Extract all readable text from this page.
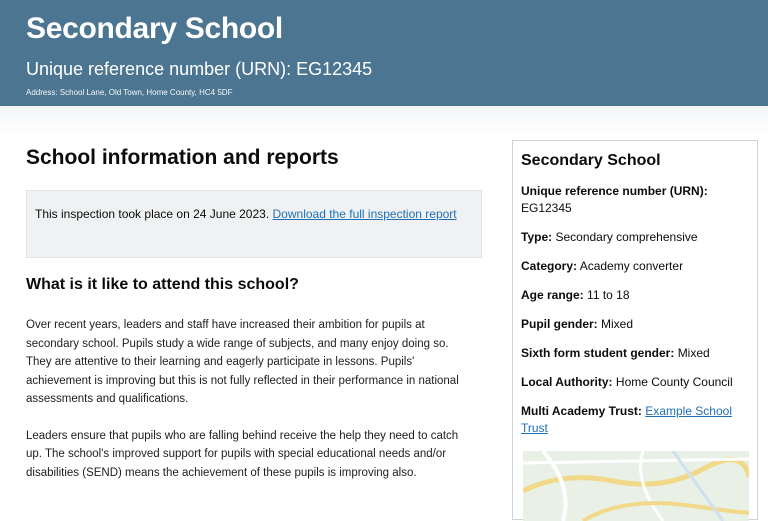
Secondary School
Unique reference number (URN): EG12345
Address: School Lane, Old Town, Home County, HC4 5DF
School information and reports
This inspection took place on 24 June 2023. Download the full inspection report
What is it like to attend this school?

Over recent years, leaders and staff have increased their ambition for pupils at secondary school. Pupils study a wide range of subjects, and many enjoy doing so. They are attentive to their learning and eagerly participate in lessons. Pupils' achievement is improving but this is not fully reflected in their performance in national assessments and qualifications.

Leaders ensure that pupils who are falling behind receive the help they need to catch up. The school's improved support for pupils with special educational needs and/or disabilities (SEND) means the achievement of these pupils is improving also.

Secondary School
Unique reference number (URN):
EG12345
Type: Secondary comprehensive
Category: Academy converter
Age range: 11 to 18
Pupil gender: Mixed
Sixth form student gender: Mixed
Local Authority: Home County Council
Multi Academy Trust: Example School Trust
